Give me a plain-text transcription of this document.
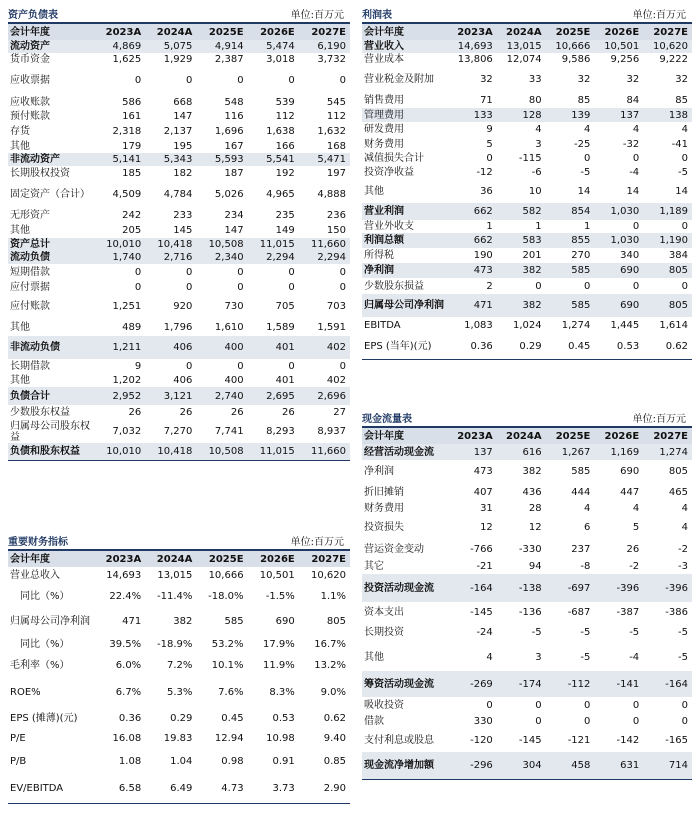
资产负债表	单位:百万元
会计年度	2023A	2024A	2025E	2026E	2027E
流动资产	4,869	5,075	4,914	5,474	6,190
货币资金	1,625	1,929	2,387	3,018	3,732
应收票据	0	0	0	0	0
应收账款	586	668	548	539	545
预付账款	161	147	116	112	112
存货	2,318	2,137	1,696	1,638	1,632
其他	179	195	167	166	168
非流动资产	5,141	5,343	5,593	5,541	5,471
长期股权投资	185	182	187	192	197
固定资产（合计）	4,509	4,784	5,026	4,965	4,888
无形资产	242	233	234	235	236
其他	205	145	147	149	150
资产总计	10,010	10,418	10,508	11,015	11,660
流动负债	1,740	2,716	2,340	2,294	2,294
短期借款	0	0	0	0	0
应付票据	0	0	0	0	0
应付账款	1,251	920	730	705	703
其他	489	1,796	1,610	1,589	1,591
非流动负债	1,211	406	400	401	402
长期借款	9	0	0	0	0
其他	1,202	406	400	401	402
负债合计	2,952	3,121	2,740	2,695	2,696
少数股东权益	26	26	26	26	27
归属母公司股东权益	7,032	7,270	7,741	8,293	8,937
负债和股东权益	10,010	10,418	10,508	11,015	11,660
重要财务指标	单位:百万元
会计年度	2023A	2024A	2025E	2026E	2027E
营业总收入	14,693	13,015	10,666	10,501	10,620
同比（%）	22.4%	-11.4%	-18.0%	-1.5%	1.1%
归属母公司净利润	471	382	585	690	805
同比（%）	39.5%	-18.9%	53.2%	17.9%	16.7%
毛利率（%）	6.0%	7.2%	10.1%	11.9%	13.2%
ROE%	6.7%	5.3%	7.6%	8.3%	9.0%
EPS (摊薄)(元)	0.36	0.29	0.45	0.53	0.62
P/E	16.08	19.83	12.94	10.98	9.40
P/B	1.08	1.04	0.98	0.91	0.85
EV/EBITDA	6.58	6.49	4.73	3.73	2.90
利润表	单位:百万元
会计年度	2023A	2024A	2025E	2026E	2027E
营业收入	14,693	13,015	10,666	10,501	10,620
营业成本	13,806	12,074	9,586	9,256	9,222
营业税金及附加	32	33	32	32	32
销售费用	71	80	85	84	85
管理费用	133	128	139	137	138
研发费用	9	4	4	4	4
财务费用	5	3	-25	-32	-41
减值损失合计	0	-115	0	0	0
投资净收益	-12	-6	-5	-4	-5
其他	36	10	14	14	14
营业利润	662	582	854	1,030	1,189
营业外收支	1	1	1	0	0
利润总额	662	583	855	1,030	1,190
所得税	190	201	270	340	384
净利润	473	382	585	690	805
少数股东损益	2	0	0	0	0
归属母公司净利润	471	382	585	690	805
EBITDA	1,083	1,024	1,274	1,445	1,614
EPS (当年)(元)	0.36	0.29	0.45	0.53	0.62
现金流量表	单位:百万元
会计年度	2023A	2024A	2025E	2026E	2027E
经营活动现金流	137	616	1,267	1,169	1,274
净利润	473	382	585	690	805
折旧摊销	407	436	444	447	465
财务费用	31	28	4	4	4
投资损失	12	12	6	5	4
营运资金变动	-766	-330	237	26	-2
其它	-21	94	-8	-2	-3
投资活动现金流	-164	-138	-697	-396	-396
资本支出	-145	-136	-687	-387	-386
长期投资	-24	-5	-5	-5	-5
其他	4	3	-5	-4	-5
筹资活动现金流	-269	-174	-112	-141	-164
吸收投资	0	0	0	0	0
借款	330	0	0	0	0
支付利息或股息	-120	-145	-121	-142	-165
现金流净增加额	-296	304	458	631	714
